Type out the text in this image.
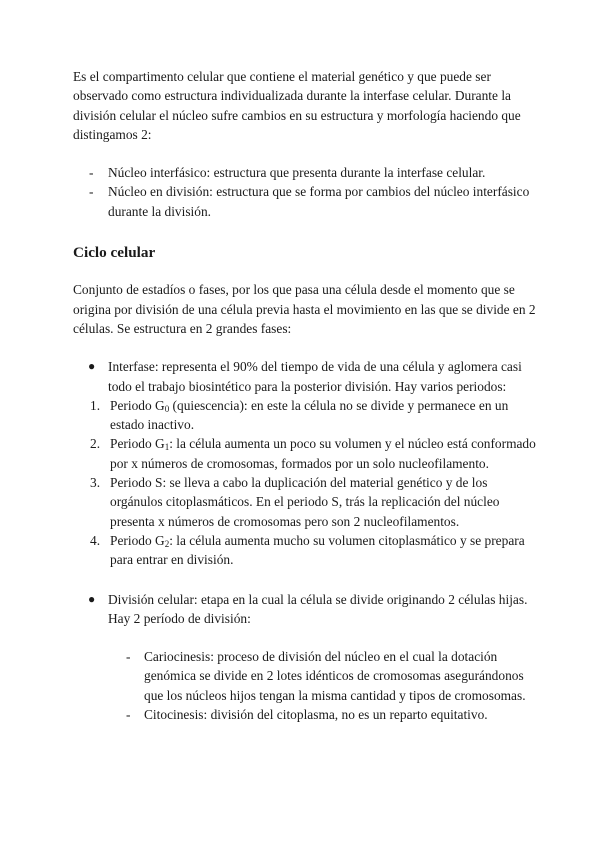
Es el compartimento celular que contiene el material genético y que puede ser observado como estructura individualizada durante la interfase celular. Durante la división celular el núcleo sufre cambios en su estructura y morfología haciendo que distingamos 2:

- Núcleo interfásico: estructura que presenta durante la interfase celular.
- Núcleo en división: estructura que se forma por cambios del núcleo interfásico durante la división.

Ciclo celular

Conjunto de estadíos o fases, por los que pasa una célula desde el momento que se origina por división de una célula previa hasta el movimiento en las que se divide en 2 células. Se estructura en 2 grandes fases:

● Interfase: representa el 90% del tiempo de vida de una célula y aglomera casi todo el trabajo biosintético para la posterior división. Hay varios periodos:
1. Periodo $G_0$ (quiescencia): en este la célula no se divide y permanece en un estado inactivo.
2. Periodo $G_1$: la célula aumenta un poco su volumen y el núcleo está conformado por x números de cromosomas, formados por un solo nucleofilamento.
3. Periodo S: se lleva a cabo la duplicación del material genético y de los orgánulos citoplasmáticos. En el periodo S, trás la replicación del núcleo presenta x números de cromosomas pero son 2 nucleofilamentos.
4. Periodo $G_2$: la célula aumenta mucho su volumen citoplasmático y se prepara para entrar en división.
● División celular: etapa en la cual la célula se divide originando 2 células hijas. Hay 2 período de división:
- Cariocinesis: proceso de división del núcleo en el cual la dotación genómica se divide en 2 lotes idénticos de cromosomas asegurándonos que los núcleos hijos tengan la misma cantidad y tipos de cromosomas.
- Citocinesis: división del citoplasma, no es un reparto equitativo.
